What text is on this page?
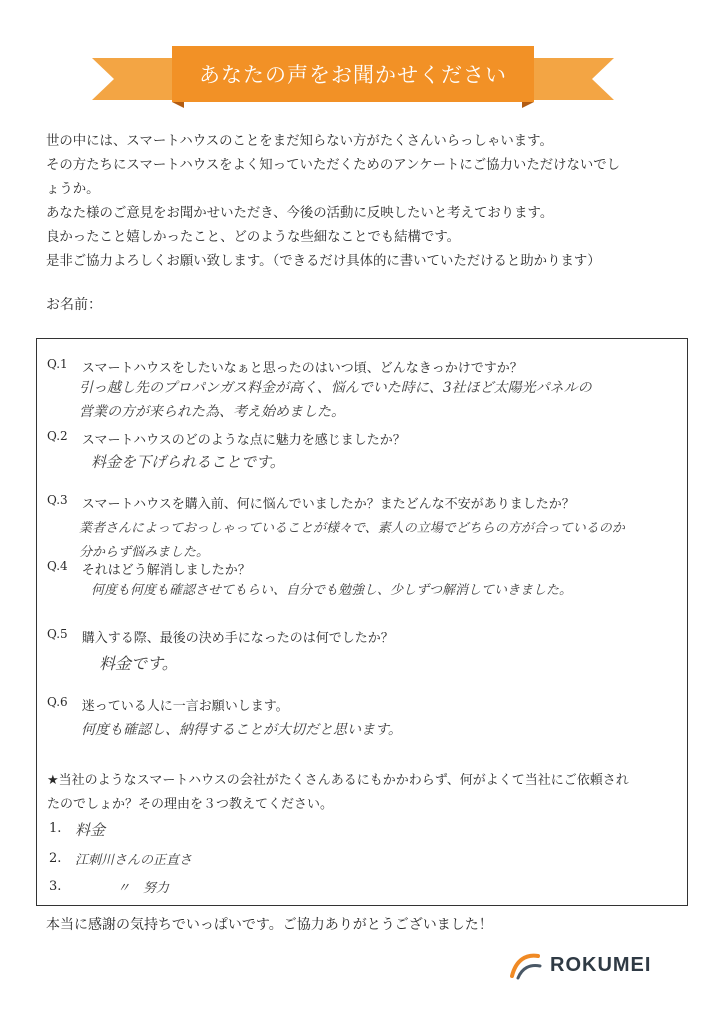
あなたの声をお聞かせください

世の中には、スマートハウスのことをまだ知らない方がたくさんいらっしゃいます。

その方たちにスマートハウスをよく知っていただくためのアンケートにご協力いただけないでし

ょうか。

あなた様のご意見をお聞かせいただき、今後の活動に反映したいと考えております。

良かったこと嬉しかったこと、どのような些細なことでも結構です。

是非ご協力よろしくお願い致します。（できるだけ具体的に書いていただけると助かります）

お名前：
Q.1 スマートハウスをしたいなぁと思ったのはいつ頃、どんなきっかけですか？
引っ越し先のプロパンガス料金が高く、悩んでいた時に、3社ほど太陽光パネルの
営業の方が来られた為、考え始めました。
Q.2 スマートハウスのどのような点に魅力を感じましたか？
料金を下げられることです。
Q.3 スマートハウスを購入前、何に悩んでいましたか？またどんな不安がありましたか？
業者さんによっておっしゃっていることが様々で、素人の立場でどちらの方が合っているのか
分からず悩みました。
Q.4 それはどう解消しましたか？
何度も何度も確認させてもらい、自分でも勉強し、少しずつ解消していきました。
Q.5 購入する際、最後の決め手になったのは何でしたか？
料金です。
Q.6 迷っている人に一言お願いします。
何度も確認し、納得することが大切だと思います。
★当社のようなスマートハウスの会社がたくさんあるにもかかわらず、何がよくて当社にご依頼され
たのでしょか？その理由を３つ教えてください。
1. 料金
2. 江刺川さんの正直さ
3.	〃　努力
本当に感謝の気持ちでいっぱいです。ご協力ありがとうございました！
ROKUMEI
